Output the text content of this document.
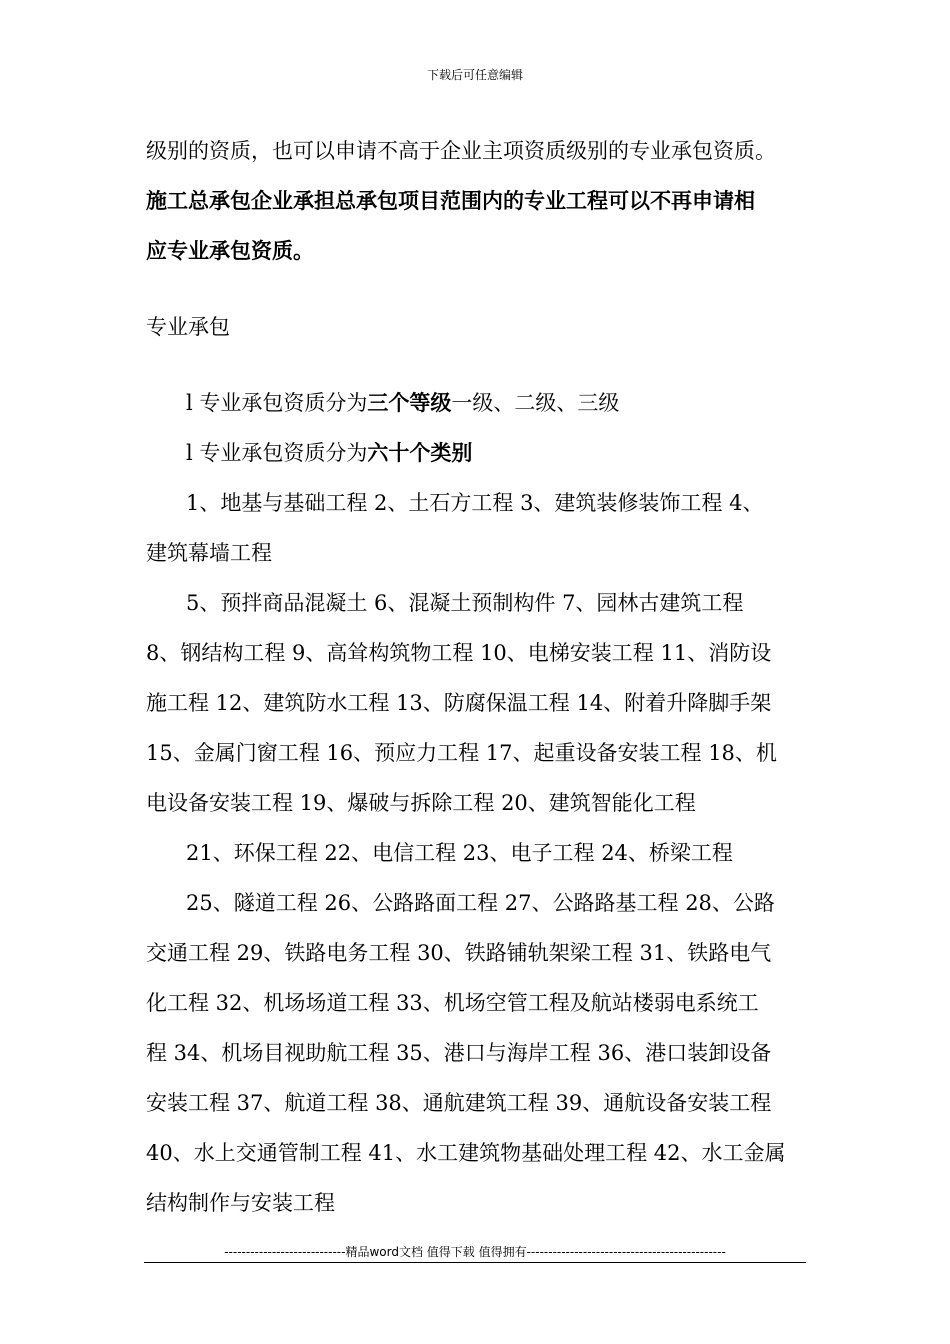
下载后可任意编辑
级别的资质，也可以申请不高于企业主项资质级别的专业承包资质。
施工总承包企业承担总承包项目范围内的专业工程可以不再申请相
应专业承包资质。
专业承包
l 专业承包资质分为三个等级一级、二级、三级
l 专业承包资质分为六十个类别
1、地基与基础工程 2、土石方工程 3、建筑装修装饰工程 4、
建筑幕墙工程
5、预拌商品混凝土 6、混凝土预制构件 7、园林古建筑工程
8、钢结构工程 9、高耸构筑物工程 10、电梯安装工程 11、消防设
施工程 12、建筑防水工程 13、防腐保温工程 14、附着升降脚手架
15、金属门窗工程 16、预应力工程 17、起重设备安装工程 18、机
电设备安装工程 19、爆破与拆除工程 20、建筑智能化工程
21、环保工程 22、电信工程 23、电子工程 24、桥梁工程
25、隧道工程 26、公路路面工程 27、公路路基工程 28、公路
交通工程 29、铁路电务工程 30、铁路铺轨架梁工程 31、铁路电气
化工程 32、机场场道工程 33、机场空管工程及航站楼弱电系统工
程 34、机场目视助航工程 35、港口与海岸工程 36、港口装卸设备
安装工程 37、航道工程 38、通航建筑工程 39、通航设备安装工程
40、水上交通管制工程 41、水工建筑物基础处理工程 42、水工金属
结构制作与安装工程
----------------------------精品word文档 值得下载 值得拥有----------------------------------------------
